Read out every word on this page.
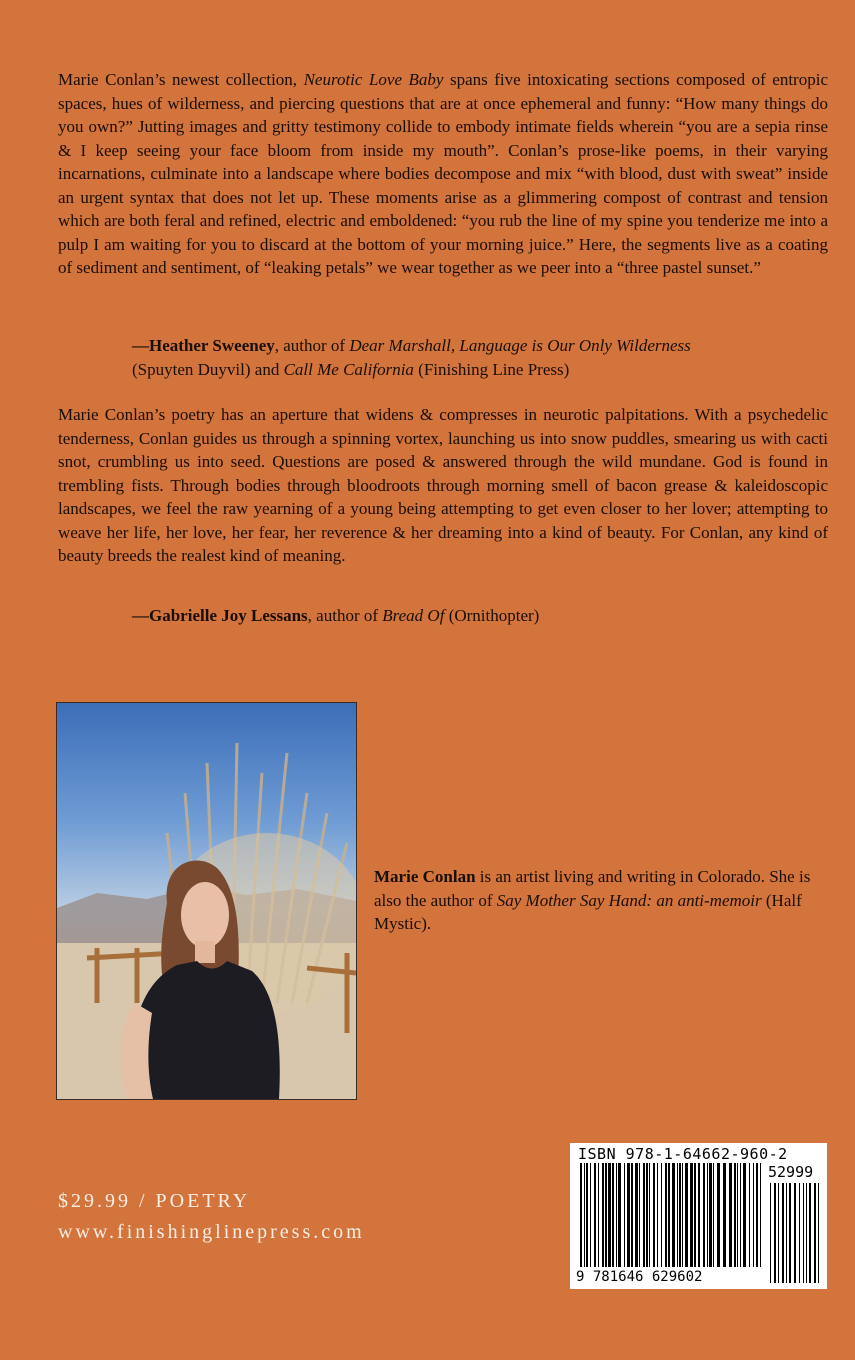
Marie Conlan’s newest collection, Neurotic Love Baby spans five intoxicating sections composed of entropic spaces, hues of wilderness, and piercing questions that are at once ephemeral and funny: “How many things do you own?” Jutting images and gritty testimony collide to embody intimate fields wherein “you are a sepia rinse & I keep seeing your face bloom from inside my mouth”. Conlan’s prose-like poems, in their varying incarnations, culminate into a landscape where bodies decompose and mix “with blood, dust with sweat” inside an urgent syntax that does not let up. These moments arise as a glimmering compost of contrast and tension which are both feral and refined, electric and emboldened: “you rub the line of my spine you tenderize me into a pulp I am waiting for you to discard at the bottom of your morning juice.” Here, the segments live as a coating of sediment and sentiment, of “leaking petals” we wear together as we peer into a “three pastel sunset.”

—Heather Sweeney, author of Dear Marshall, Language is Our Only Wilderness
(Spuyten Duyvil) and Call Me California (Finishing Line Press)

Marie Conlan’s poetry has an aperture that widens & compresses in neurotic palpitations. With a psychedelic tenderness, Conlan guides us through a spinning vortex, launching us into snow puddles, smearing us with cacti snot, crumbling us into seed. Questions are posed & answered through the wild mundane. God is found in trembling fists. Through bodies through bloodroots through morning smell of bacon grease & kaleidoscopic landscapes, we feel the raw yearning of a young being attempting to get even closer to her lover; attempting to weave her life, her love, her fear, her reverence & her dreaming into a kind of beauty. For Conlan, any kind of beauty breeds the realest kind of meaning.

—Gabrielle Joy Lessans, author of Bread Of (Ornithopter)
Marie Conlan is an artist living and writing in Colorado. She is also the author of Say Mother Say Hand: an anti-memoir (Half Mystic).
$29.99 / POETRY
www.finishinglinepress.com
ISBN 978-1-64662-960-2
52999
9 781646 629602
